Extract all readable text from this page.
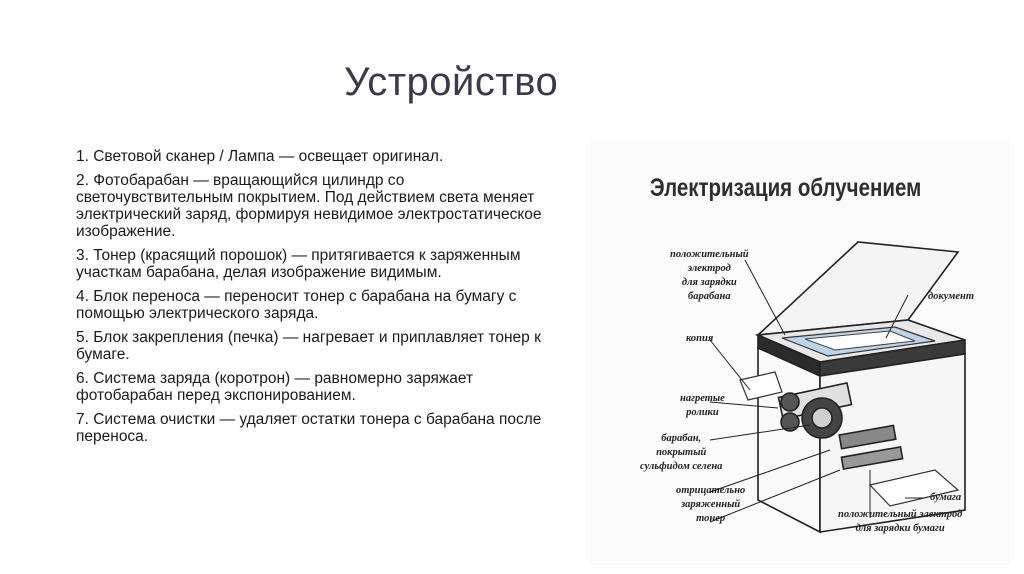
Устройство
1. Световой сканер / Лампа — освещает оригинал.
2. Фотобарабан — вращающийся цилиндр со светочувствительным покрытием. Под действием света меняет электрический заряд, формируя невидимое электростатическое изображение.
3. Тонер (красящий порошок) — притягивается к заряженным участкам барабана, делая изображение видимым.
4. Блок переноса — переносит тонер с барабана на бумагу с помощью электрического заряда.
5. Блок закрепления (печка) — нагревает и приплавляет тонер к бумаге.
6. Система заряда (коротрон) — равномерно заряжает фотобарабан перед экспонированием.
7. Система очистки — удаляет остатки тонера с барабана после переноса.
Электризация облучением
положительный
электрод
для зарядки
барабана	документ
копия
нагретые
ролики
барабан,
покрытый
сульфидом селена
отрицательно
заряженный
тонер
бумага
положительный электрод
для зарядки бумаги
